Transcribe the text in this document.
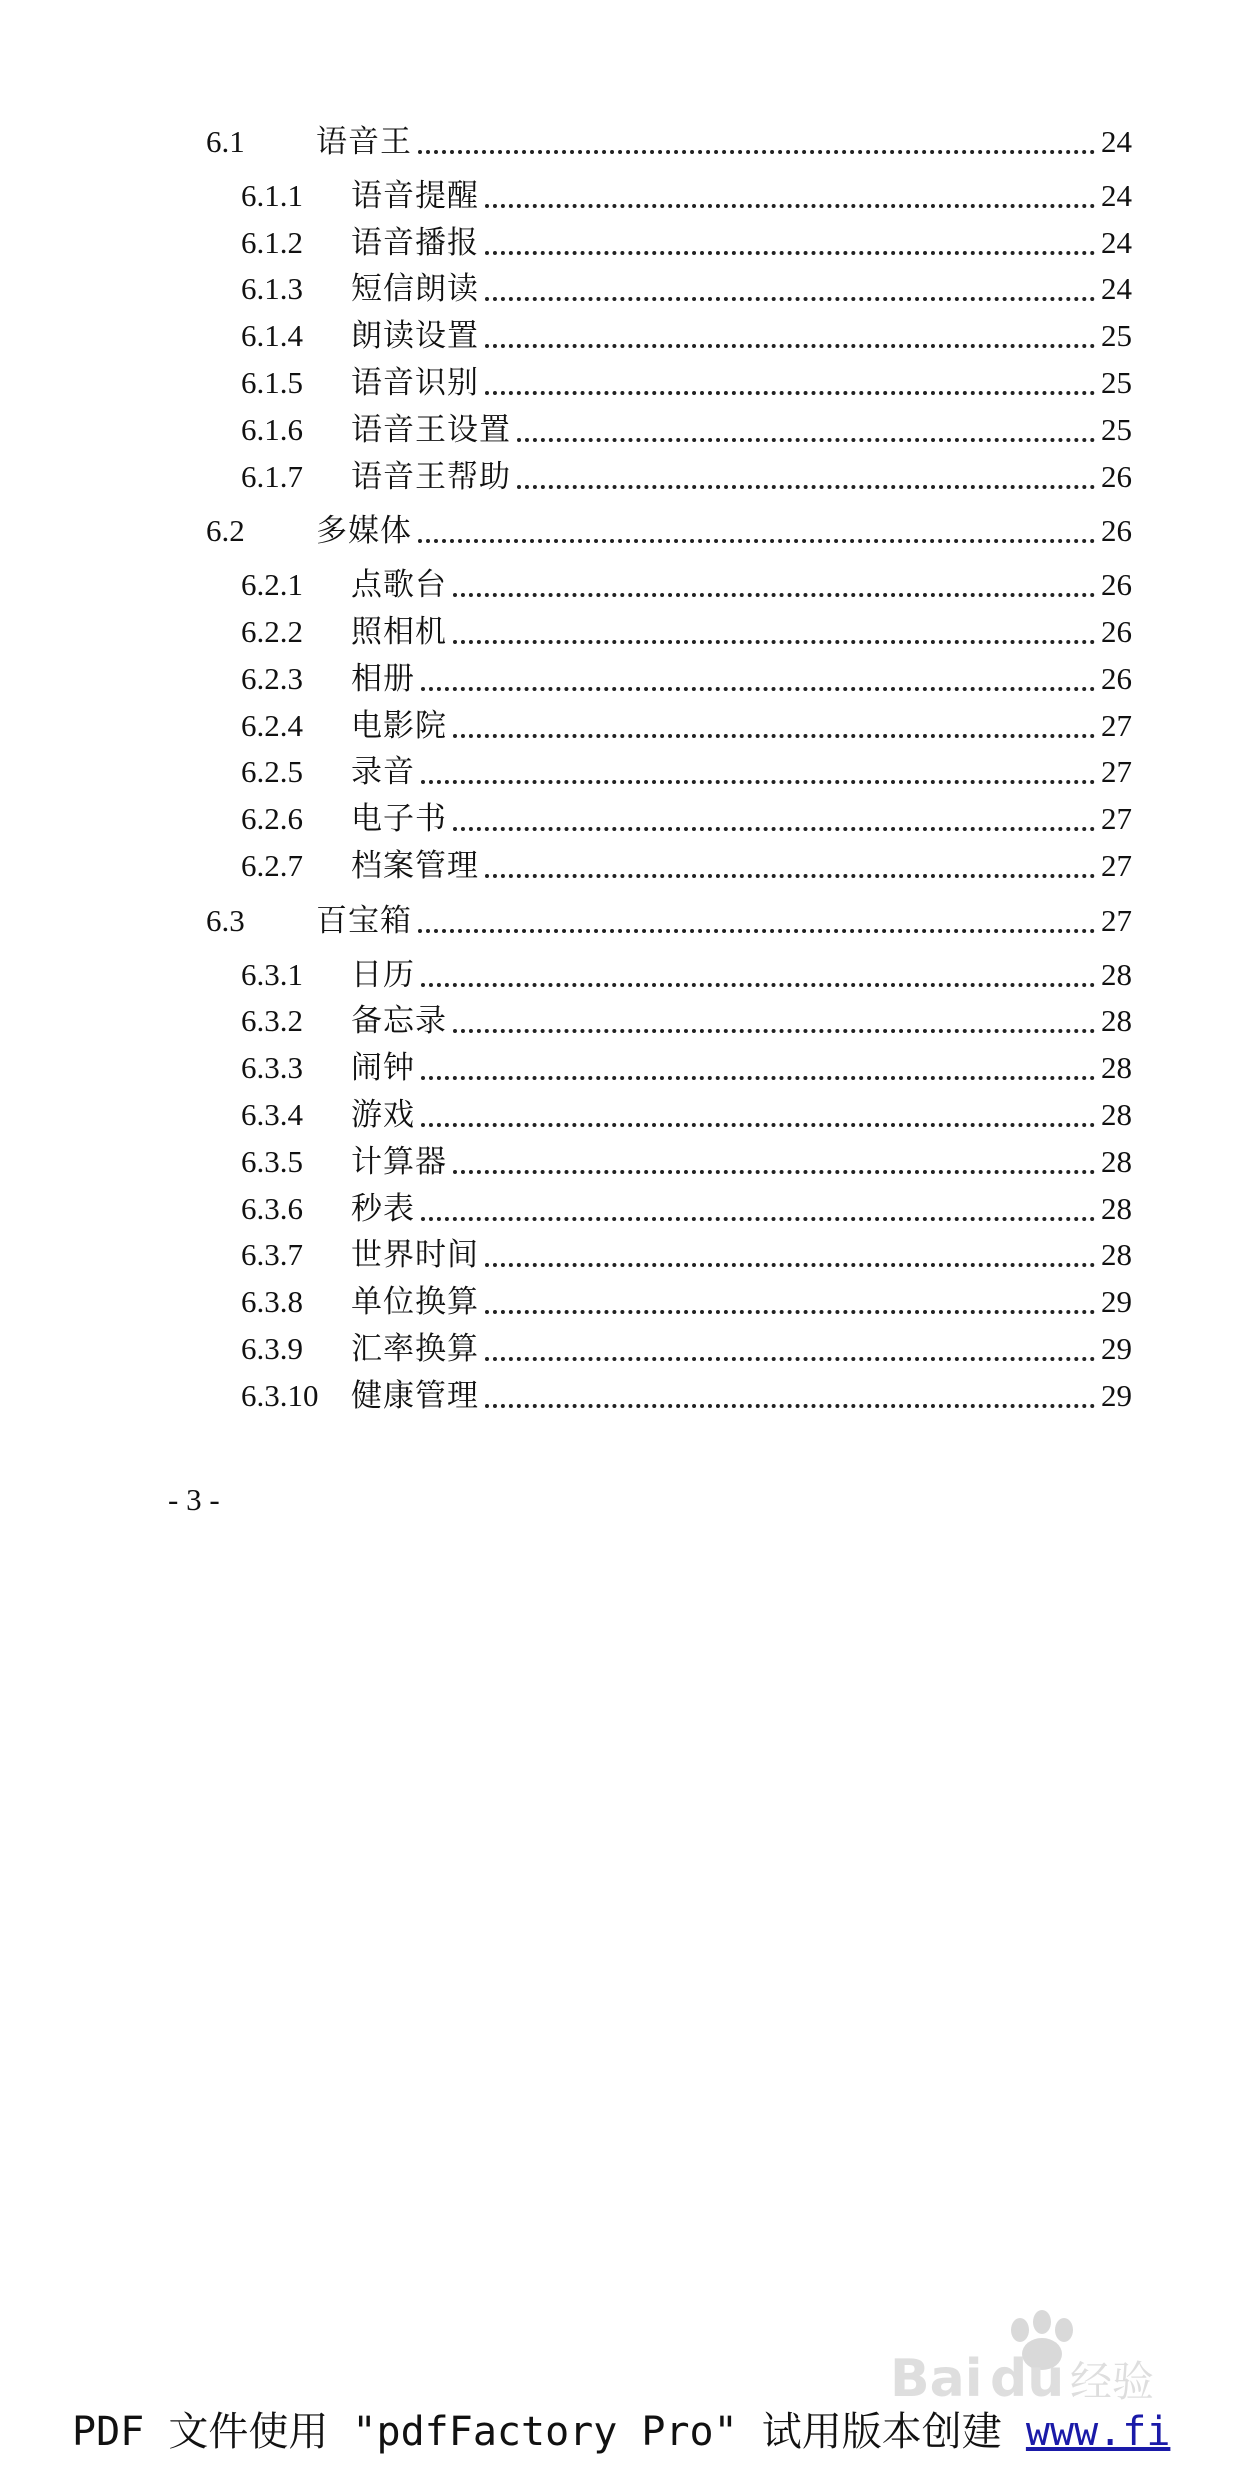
6.1	语音王	24
6.1.1	语音提醒	24
6.1.2	语音播报	24
6.1.3	短信朗读	24
6.1.4	朗读设置	25
6.1.5	语音识别	25
6.1.6	语音王设置	25
6.1.7	语音王帮助	26
6.2	多媒体	26
6.2.1	点歌台	26
6.2.2	照相机	26
6.2.3	相册	26
6.2.4	电影院	27
6.2.5	录音	27
6.2.6	电子书	27
6.2.7	档案管理	27
6.3	百宝箱	27
6.3.1	日历	28
6.3.2	备忘录	28
6.3.3	闹钟	28
6.3.4	游戏	28
6.3.5	计算器	28
6.3.6	秒表	28
6.3.7	世界时间	28
6.3.8	单位换算	29
6.3.9	汇率换算	29
6.3.10	健康管理	29
- 3 -
Bai du 经验
PDF 文件使用 "pdfFactory Pro" 试用版本创建 www.fi
